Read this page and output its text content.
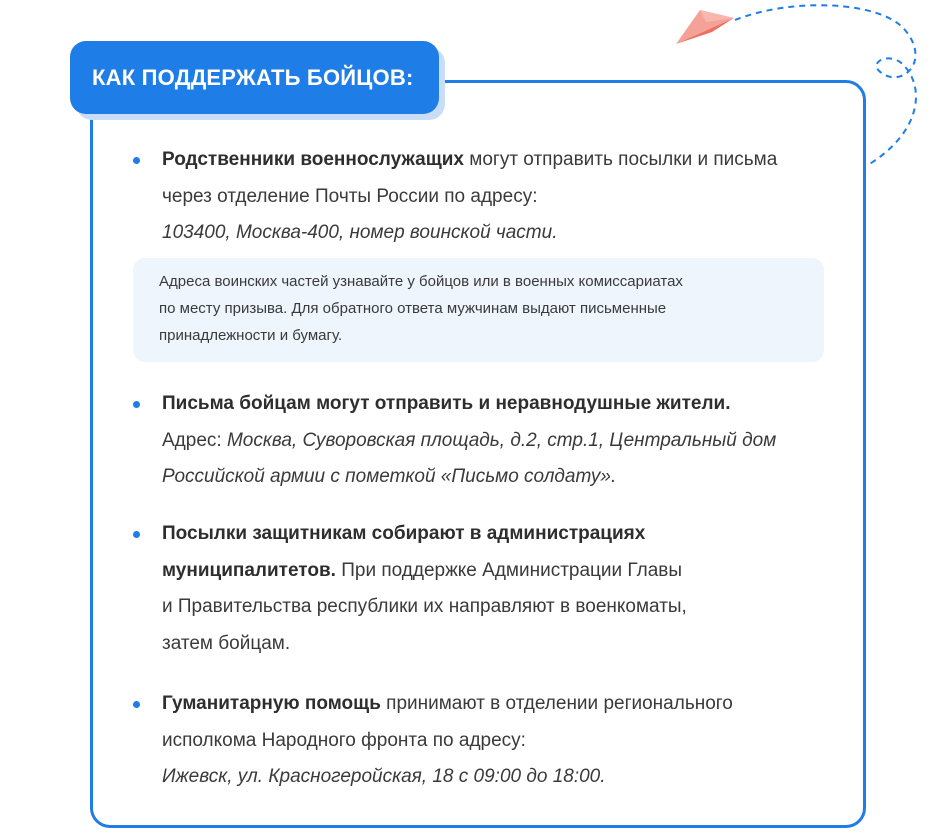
КАК ПОДДЕРЖАТЬ БОЙЦОВ:
Родственники военнослужащих могут отправить посылки и письма
через отделение Почты России по адресу:
103400, Москва-400, номер воинской части.
Адреса воинских частей узнавайте у бойцов или в военных комиссариатах
по месту призыва. Для обратного ответа мужчинам выдают письменные
принадлежности и бумагу.
Письма бойцам могут отправить и неравнодушные жители.
Адрес: Москва, Суворовская площадь, д.2, стр.1, Центральный дом
Российской армии с пометкой «Письмо солдату».
Посылки защитникам собирают в администрациях
муниципалитетов. При поддержке Администрации Главы
и Правительства республики их направляют в военкоматы,
затем бойцам.
Гуманитарную помощь принимают в отделении регионального
исполкома Народного фронта по адресу:
Ижевск, ул. Красногеройская, 18 с 09:00 до 18:00.
